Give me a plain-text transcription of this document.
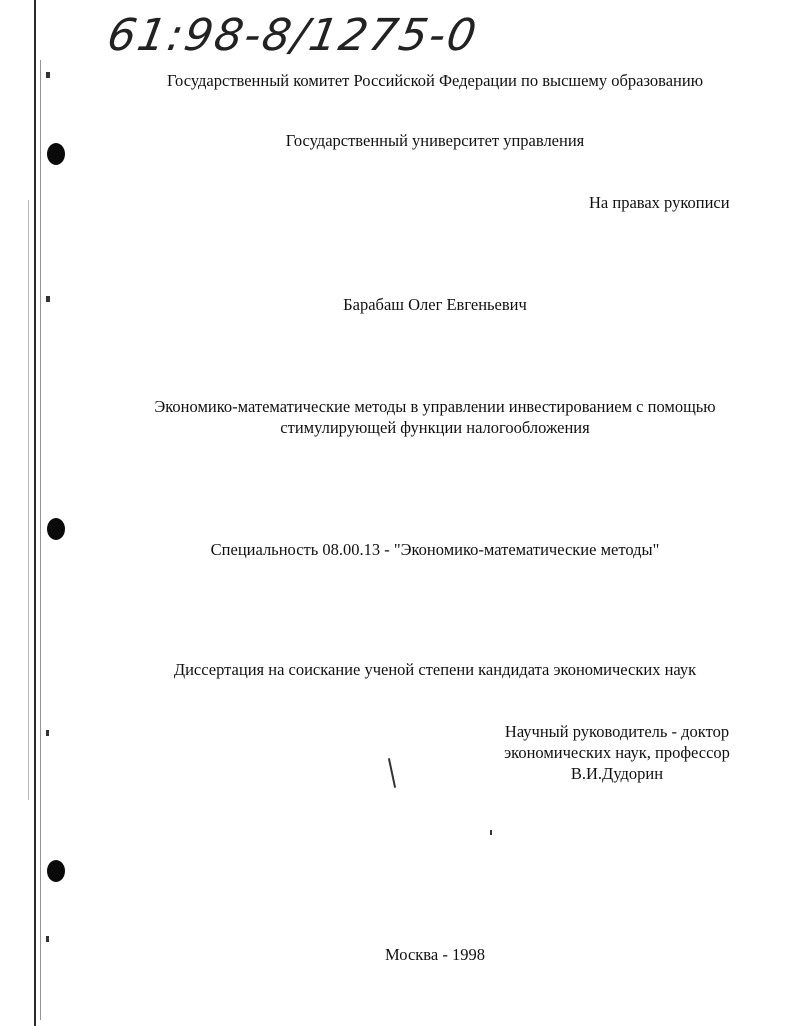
61:98-8/1275-0
Государственный комитет Российской Федерации по высшему образованию
Государственный университет управления
На правах рукописи
Барабаш Олег Евгеньевич
Экономико-математические методы в управлении инвестированием с помощью
стимулирующей функции налогообложения
Специальность 08.00.13 - "Экономико-математические методы"
Диссертация на соискание ученой степени кандидата экономических наук
Научный руководитель - доктор
экономических наук, профессор
В.И.Дудорин
Москва - 1998
